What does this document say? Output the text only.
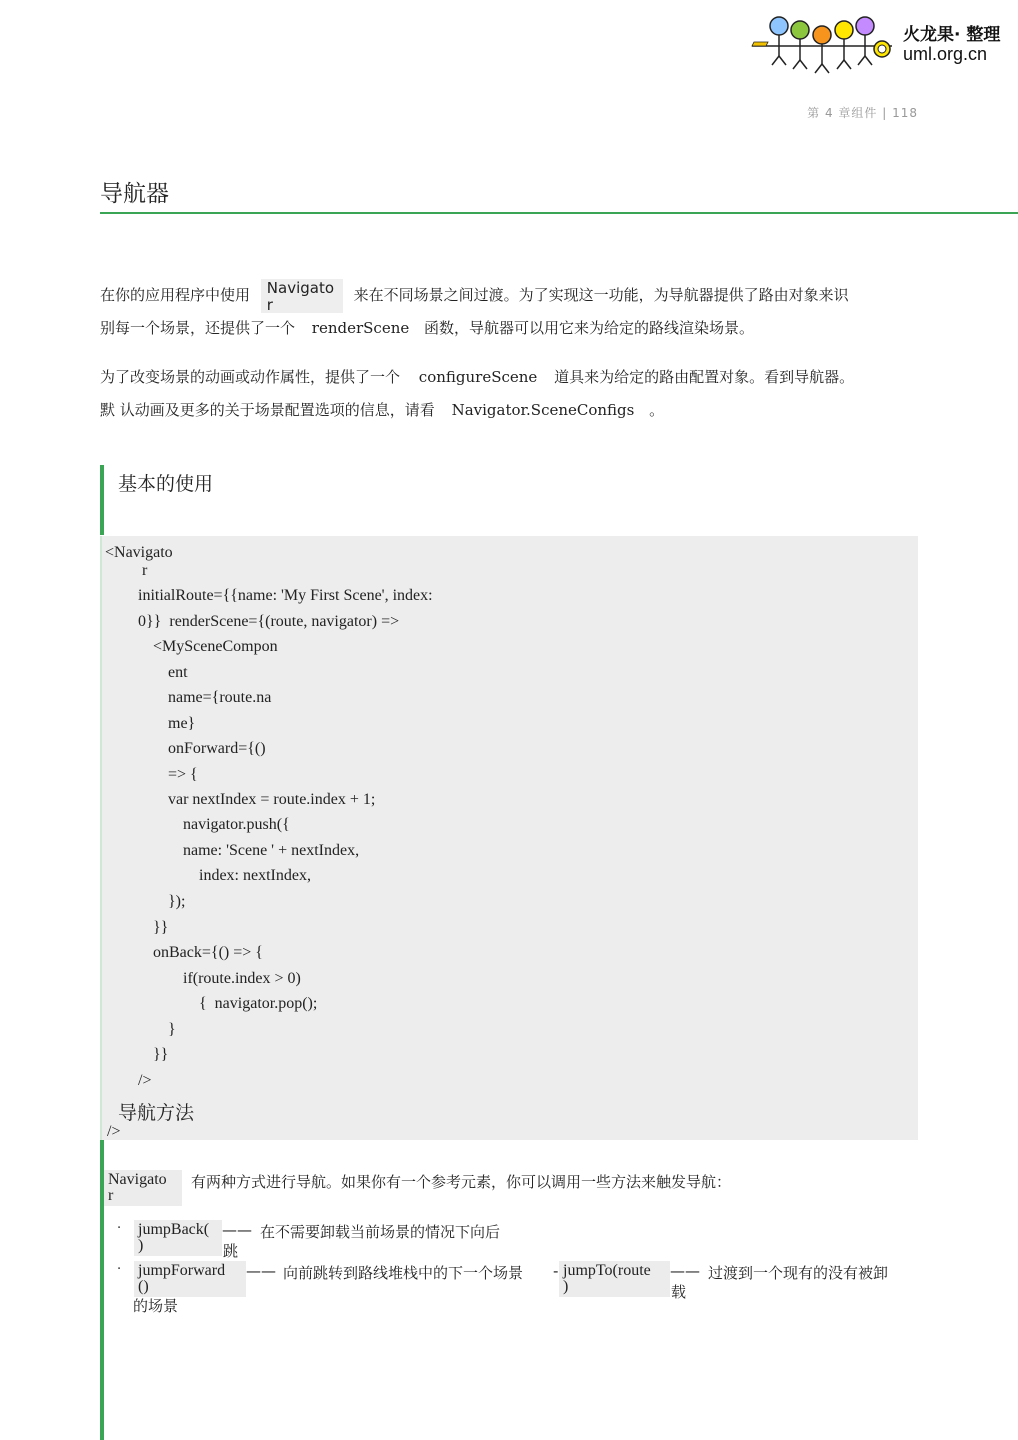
火龙果· 整理
uml.org.cn
第 4 章组件 | 118
导航器
在你的应用程序中使用 Navigato
r 来在不同场景之间过渡。为了实现这一功能，为导航器提供了路由对象来识
别每一个场景，还提供了一个 renderScene 函数，导航器可以用它来为给定的路线渲染场景。
为了改变场景的动画或动作属性，提供了一个 configureScene 道具来为给定的路由配置对象。看到导航器。
默 认动画及更多的关于场景配置选项的信息，请看 Navigator.SceneConfigs 。
基本的使用
<Navigato
r
initialRoute={{name: 'My First Scene', index:
0}}  renderScene={(route, navigator) =>
<MySceneCompon
ent
name={route.na
me}
onForward={()
=> {
var nextIndex = route.index + 1;
navigator.push({
name: 'Scene ' + nextIndex,
index: nextIndex,
});
}}
onBack={() => {
if(route.index > 0)
{  navigator.pop();
}
}}
/>
导航方法
/>
Navigato
r
有两种方式进行导航。如果你有一个参考元素，你可以调用一些方法来触发导航：
· jumpBack(
)
—— 在不需要卸载当前场景的情况下向后
跳
· jumpForward
()
—— 向前跳转到路线堆栈中的下一个场景 - jumpTo(route
)
—— 过渡到一个现有的没有被卸
载
的场景
